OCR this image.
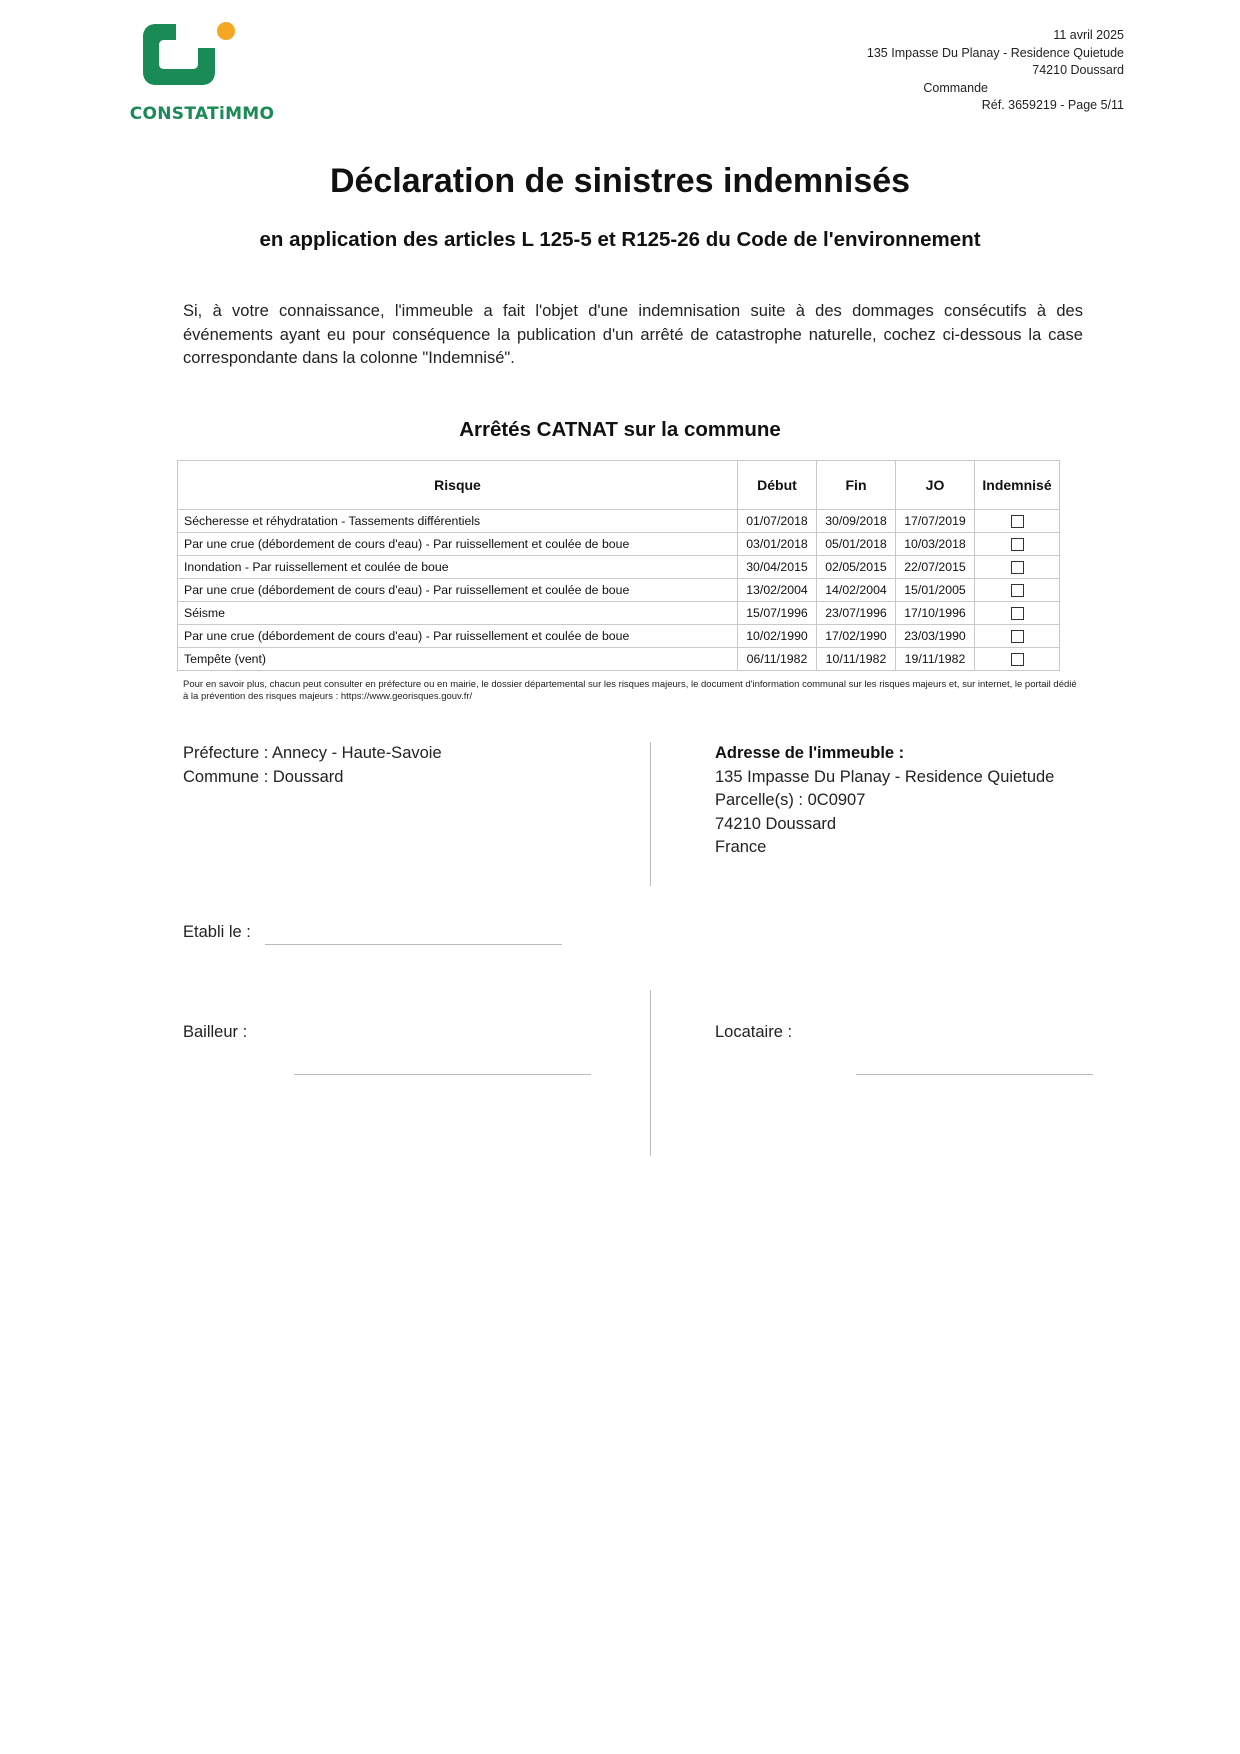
CONSTATiMMO
11 avril 2025
135 Impasse Du Planay - Residence Quietude
74210 Doussard
Commande
Réf. 3659219 - Page 5/11
Déclaration de sinistres indemnisés
en application des articles L 125-5 et R125-26 du Code de l'environnement
Si, à votre connaissance, l'immeuble a fait l'objet d'une indemnisation suite à des dommages consécutifs à des événements ayant eu pour conséquence la publication d'un arrêté de catastrophe naturelle, cochez ci-dessous la case correspondante dans la colonne "Indemnisé".
Arrêtés CATNAT sur la commune
Risque	Début	Fin	JO	Indemnisé
Sécheresse et réhydratation - Tassements différentiels	01/07/2018	30/09/2018	17/07/2019	
Par une crue (débordement de cours d'eau) - Par ruissellement et coulée de boue	03/01/2018	05/01/2018	10/03/2018	
Inondation - Par ruissellement et coulée de boue	30/04/2015	02/05/2015	22/07/2015	
Par une crue (débordement de cours d'eau) - Par ruissellement et coulée de boue	13/02/2004	14/02/2004	15/01/2005	
Séisme	15/07/1996	23/07/1996	17/10/1996	
Par une crue (débordement de cours d'eau) - Par ruissellement et coulée de boue	10/02/1990	17/02/1990	23/03/1990	
Tempête (vent)	06/11/1982	10/11/1982	19/11/1982	
Pour en savoir plus, chacun peut consulter en préfecture ou en mairie, le dossier départemental sur les risques majeurs, le document d'information communal sur les risques majeurs et, sur internet, le portail dédié à la prévention des risques majeurs : https://www.georisques.gouv.fr/
Préfecture : Annecy - Haute-Savoie
Commune : Doussard
Adresse de l'immeuble :
135 Impasse Du Planay - Residence Quietude
Parcelle(s) : 0C0907
74210 Doussard
France
Etabli le :
Bailleur :	Locataire :
